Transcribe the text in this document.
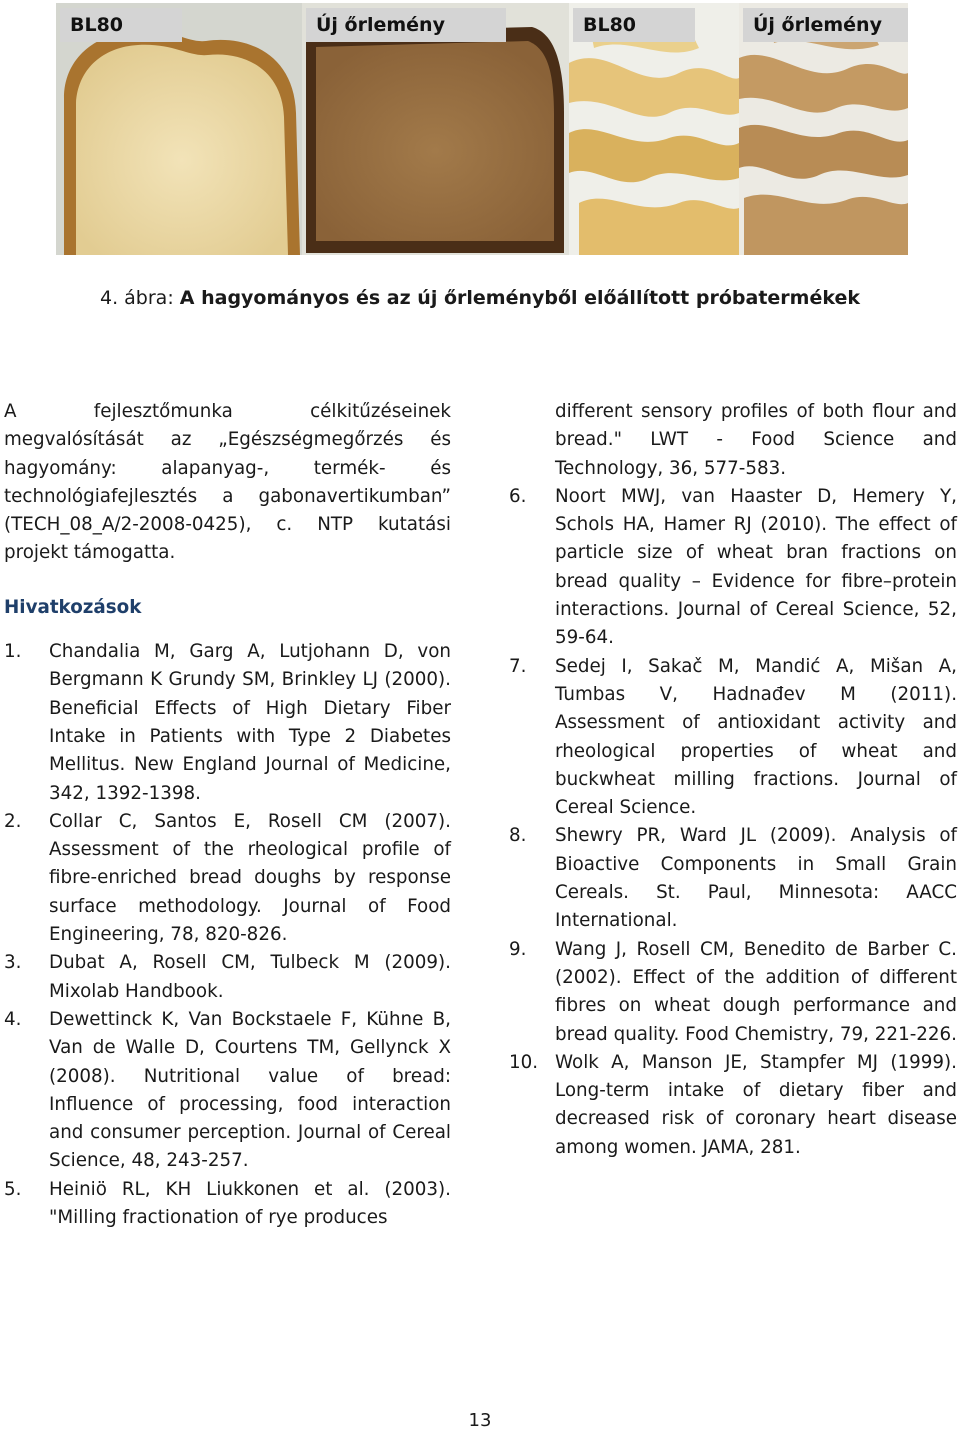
BL80	Új őrlemény	BL80	Új őrlemény
4. ábra: A hagyományos és az új őrleményből előállított próbatermékek

A fejlesztőmunka célkitűzéseinek megvalósítását az „Egészségmegőrzés és hagyomány: alapanyag-, termék- és technológiafejlesztés a gabonavertikumban” (TECH_08_A/2-2008-0425), c. NTP kutatási projekt támogatta.

Hivatkozások
1. Chandalia M, Garg A, Lutjohann D, von Bergmann K Grundy SM, Brinkley LJ (2000). Beneficial Effects of High Dietary Fiber Intake in Patients with Type 2 Diabetes Mellitus. New England Journal of Medicine, 342, 1392-1398.
2. Collar C, Santos E, Rosell CM (2007). Assessment of the rheological profile of fibre-enriched bread doughs by response surface methodology. Journal of Food Engineering, 78, 820-826.
3. Dubat A, Rosell CM, Tulbeck M (2009). Mixolab Handbook.
4. Dewettinck K, Van Bockstaele F, Kühne B, Van de Walle D, Courtens TM, Gellynck X (2008). Nutritional value of bread: Influence of processing, food interaction and consumer perception. Journal of Cereal Science, 48, 243-257.
5. Heiniö RL, KH Liukkonen et al. (2003). "Milling fractionation of rye produces

different sensory profiles of both flour and bread." LWT - Food Science and Technology, 36, 577-583.

6. Noort MWJ, van Haaster D, Hemery Y, Schols HA, Hamer RJ (2010). The effect of particle size of wheat bran fractions on bread quality – Evidence for fibre–protein interactions. Journal of Cereal Science, 52, 59-64.
7. Sedej I, Sakač M, Mandić A, Mišan A, Tumbas V, Hadnađev M (2011). Assessment of antioxidant activity and rheological properties of wheat and buckwheat milling fractions. Journal of Cereal Science.
8. Shewry PR, Ward JL (2009). Analysis of Bioactive Components in Small Grain Cereals. St. Paul, Minnesota: AACC International.
9. Wang J, Rosell CM, Benedito de Barber C. (2002). Effect of the addition of different fibres on wheat dough performance and bread quality. Food Chemistry, 79, 221-226.
10. Wolk A, Manson JE, Stampfer MJ (1999). Long-term intake of dietary fiber and decreased risk of coronary heart disease among women. JAMA, 281.
13
